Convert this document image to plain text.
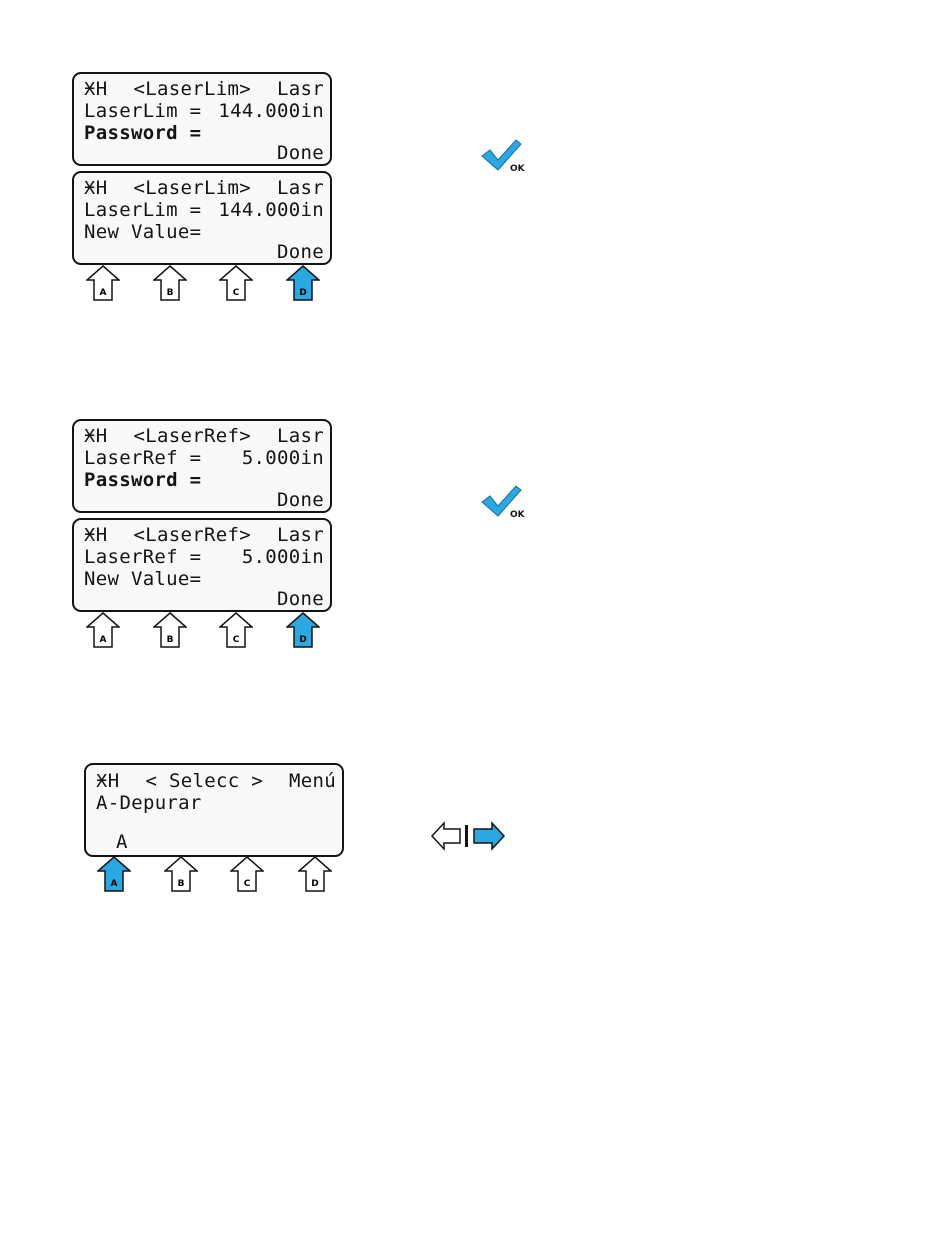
ӾH <LaserLim> Lasr
LaserLim = 144.000in
Password =
Done
ӾH <LaserLim> Lasr
LaserLim = 144.000in
New Value=
Done
A	B	C	D
OK
ӾH <LaserRef> Lasr
LaserRef = 5.000in
Password =
Done
ӾH <LaserRef> Lasr
LaserRef = 5.000in
New Value=
Done
A	B	C	D
OK
ӾH < Selecc > Menú
A-Depurar
A
A	B	C	D
